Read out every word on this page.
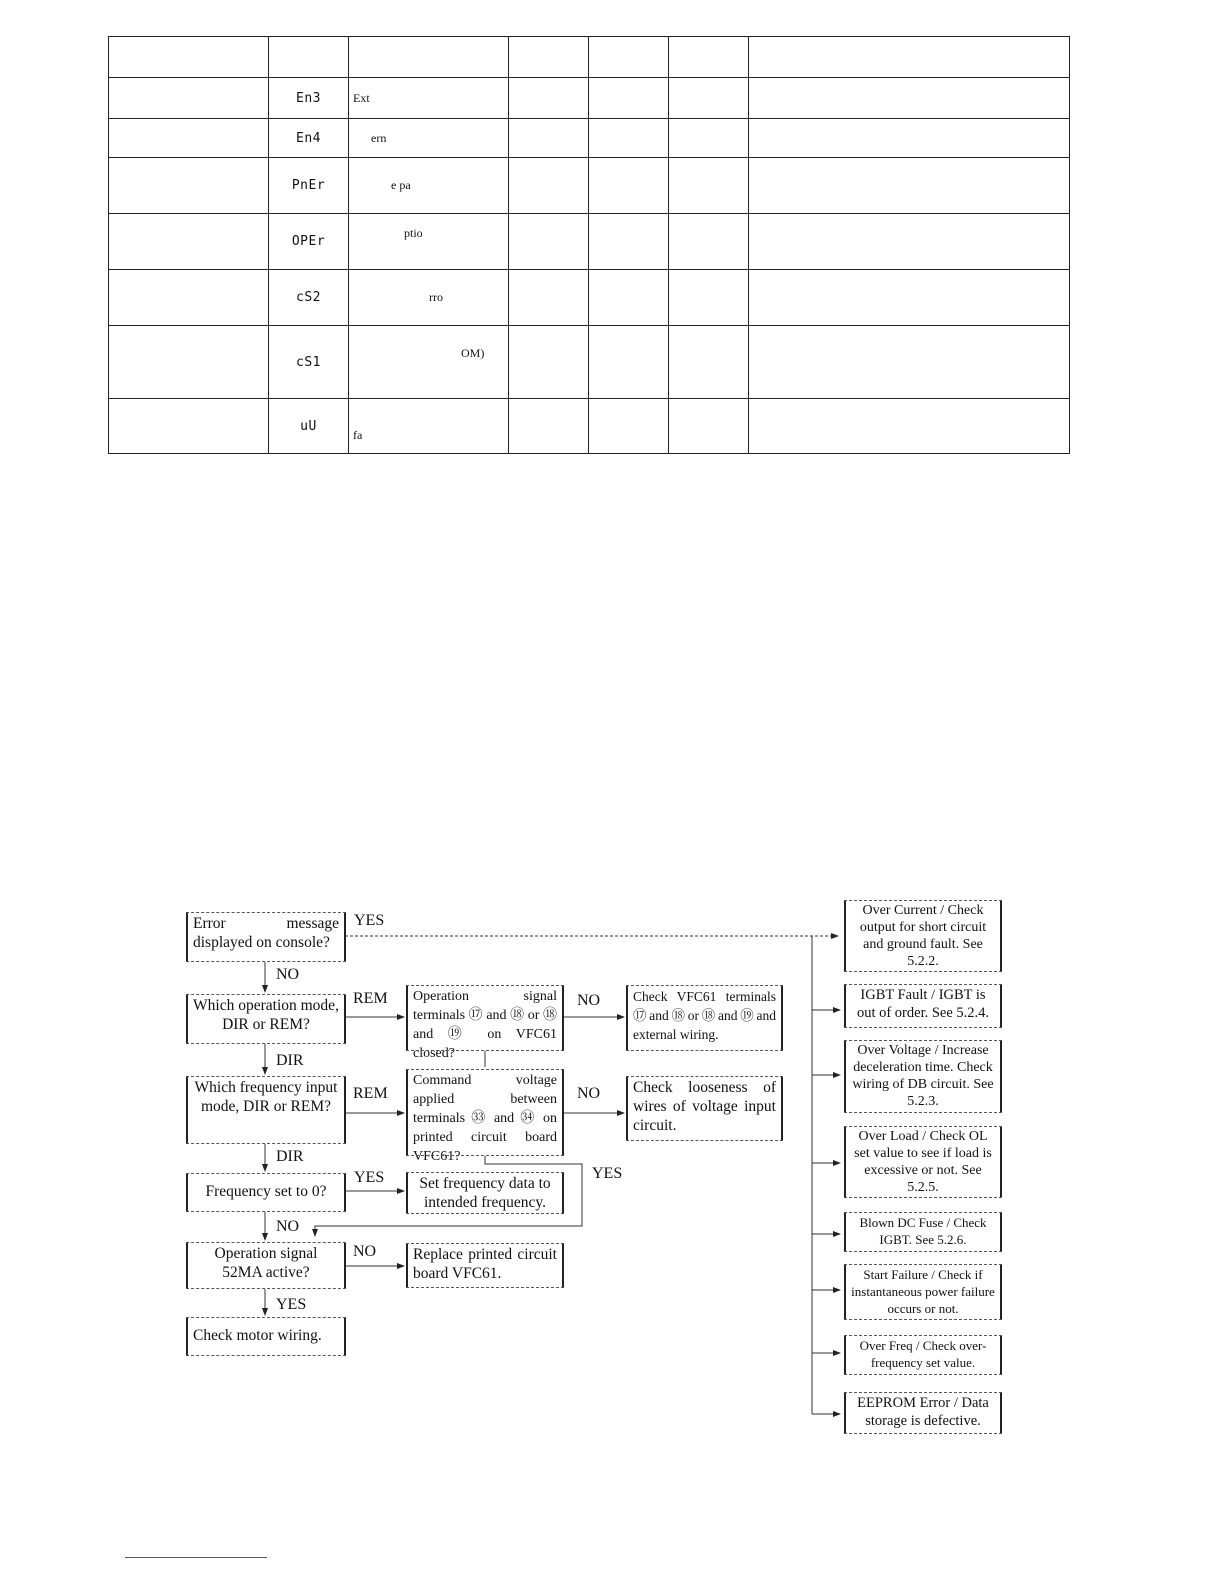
	En3	Ext				
	En4	ern				
	PnEr	e pa				
	OPEr	ptio				
	cS2	rro				
	cS1	OM)				
	uU	fa				
Error message displayed on console?
Which operation mode, DIR or REM?
Which frequency input mode, DIR or REM?
Frequency set to 0?
Operation signal 52MA active?
Check motor wiring.
Operation signal terminals ⑰ and ⑱ or ⑱ and ⑲ on VFC61 closed?
Command voltage applied between terminals ㉝ and ㉞ on printed circuit board VFC61?
Set frequency data to intended frequency.
Replace printed circuit board VFC61.
Check VFC61 terminals ⑰and⑱or⑱and⑲and external wiring.
Check looseness of wires of voltage input circuit.
Over Current / Check output for short circuit and ground fault. See 5.2.2.
IGBT Fault / IGBT is out of order. See 5.2.4.
Over Voltage / Increase deceleration time. Check wiring of DB circuit. See 5.2.3.
Over Load / Check OL set value to see if load is excessive or not. See 5.2.5.
Blown DC Fuse / Check IGBT. See 5.2.6.
Start Failure / Check if instantaneous power failure occurs or not.
Over Freq / Check over-frequency set value.
EEPROM Error / Data storage is defective.
YES
NO
REM
DIR
NO
REM
DIR
NO
YES
YES
NO
NO
YES
